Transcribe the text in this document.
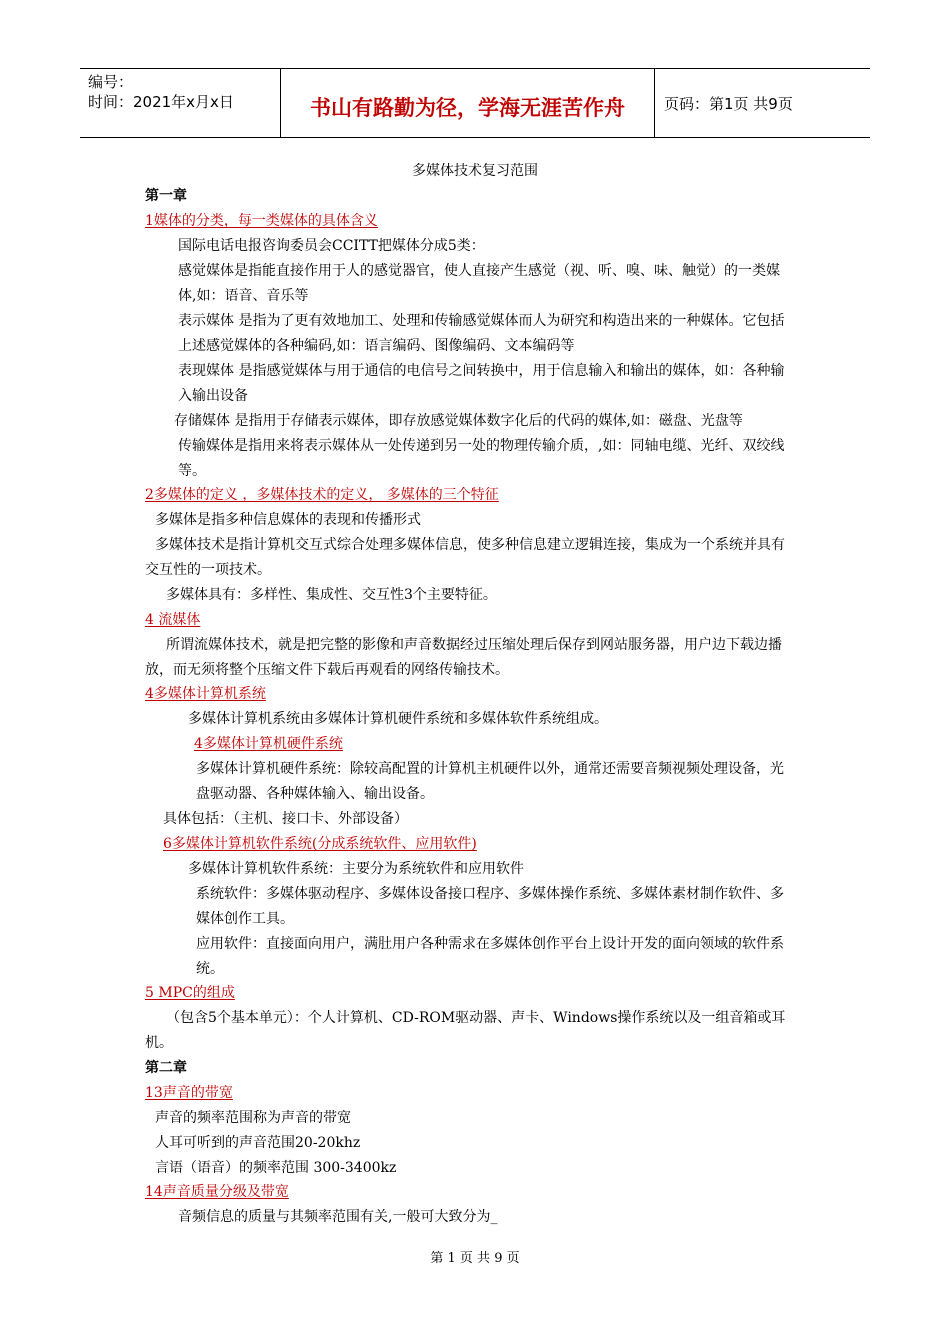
编号：
时间：2021年x月x日	书山有路勤为径，学海无涯苦作舟	页码：第1页 共9页
多媒体技术复习范围
第一章
1媒体的分类，每一类媒体的具体含义
国际电话电报咨询委员会CCITT把媒体分成5类：
感觉媒体是指能直接作用于人的感觉器官，使人直接产生感觉（视、听、嗅、味、触觉）的一类媒
体,如：语音、音乐等
表示媒体 是指为了更有效地加工、处理和传输感觉媒体而人为研究和构造出来的一种媒体。它包括
上述感觉媒体的各种编码,如：语言编码、图像编码、文本编码等
表现媒体 是指感觉媒体与用于通信的电信号之间转换中，用于信息输入和输出的媒体，如：各种输
入输出设备
存储媒体 是指用于存储表示媒体，即存放感觉媒体数字化后的代码的媒体,如：磁盘、光盘等
传输媒体是指用来将表示媒体从一处传递到另一处的物理传输介质，,如：同轴电缆、光纤、双绞线
等。
2多媒体的定义 ，多媒体技术的定义， 多媒体的三个特征
多媒体是指多种信息媒体的表现和传播形式
多媒体技术是指计算机交互式综合处理多媒体信息，使多种信息建立逻辑连接，集成为一个系统并具有
交互性的一项技术。
多媒体具有：多样性、集成性、交互性3个主要特征。
4 流媒体
所谓流媒体技术，就是把完整的影像和声音数据经过压缩处理后保存到网站服务器，用户边下载边播
放，而无须将整个压缩文件下载后再观看的网络传输技术。
4多媒体计算机系统
多媒体计算机系统由多媒体计算机硬件系统和多媒体软件系统组成。
4多媒体计算机硬件系统
多媒体计算机硬件系统：除较高配置的计算机主机硬件以外，通常还需要音频视频处理设备，光
盘驱动器、各种媒体输入、输出设备。
具体包括：（主机、接口卡、外部设备）
6多媒体计算机软件系统(分成系统软件、应用软件)
多媒体计算机软件系统：主要分为系统软件和应用软件
系统软件：多媒体驱动程序、多媒体设备接口程序、多媒体操作系统、多媒体素材制作软件、多
媒体创作工具。
应用软件：直接面向用户，满肚用户各种需求在多媒体创作平台上设计开发的面向领域的软件系
统。
5 MPC的组成
（包含5个基本单元）：个人计算机、CD-ROM驱动器、声卡、Windows操作系统以及一组音箱或耳
机。
第二章
13声音的带宽
声音的频率范围称为声音的带宽
人耳可听到的声音范围20-20khz
言语（语音）的频率范围 300-3400kz
14声音质量分级及带宽
音频信息的质量与其频率范围有关,一般可大致分为_
第 1 页 共 9 页
